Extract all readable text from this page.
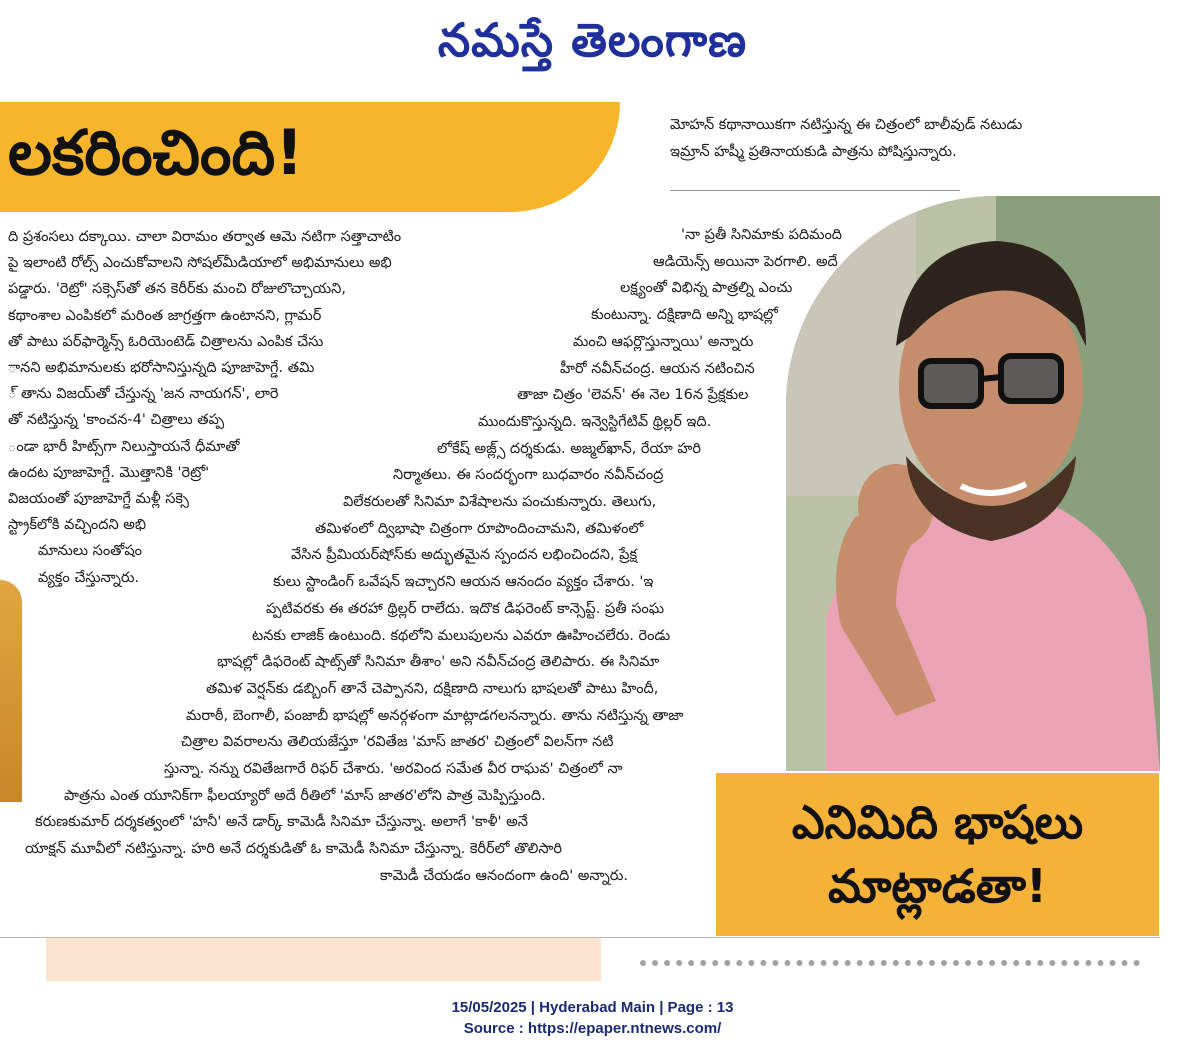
నమస్తే తెలంగాణ
లకరించింది!	మోహన్ కథానాయికగా నటిస్తున్న ఈ చిత్రంలో బాలీవుడ్ నటుడు
ఇమ్రాన్ హష్మీ ప్రతినాయకుడి పాత్రను పోషిస్తున్నారు.
ది ప్రశంసలు దక్కాయి. చాలా విరామం తర్వాత ఆమె నటిగా సత్తాచాటిం
పై ఇలాంటి రోల్స్ ఎంచుకోవాలని సోషల్‌మీడియాలో అభిమానులు అభి
పడ్డారు. 'రెట్రో' సక్సెస్‌తో తన కెరీర్‌కు మంచి రోజులొచ్చాయని,
కథాంశాల ఎంపికలో మరింత జాగ్రత్తగా ఉంటానని, గ్లామర్
తో పాటు పర్‌ఫార్మెన్స్ ఓరియెంటెడ్ చిత్రాలను ఎంపిక చేసు
ానని అభిమానులకు భరోసానిస్తున్నది పూజాహెగ్డే. తమి
్ తాను విజయ్‌తో చేస్తున్న 'జన నాయగన్', లారె
తో నటిస్తున్న 'కాంచన-4' చిత్రాలు తప్ప
ండా భారీ హిట్స్‌గా నిలుస్తాయనే ధీమాతో
ఉందట పూజాహెగ్డే. మొత్తానికి 'రెట్రో'
విజయంతో పూజాహెగ్డే మళ్లీ సక్సె
స్ట్రాక్‌లోకి వచ్చిందని అభి
మానులు సంతోషం
వ్యక్తం చేస్తున్నారు.
'నా ప్రతీ సినిమాకు పదిమంది
ఆడియెన్స్ అయినా పెరగాలి. అదే
లక్ష్యంతో విభిన్న పాత్రల్ని ఎంచు
కుంటున్నా. దక్షిణాది అన్ని భాషల్లో
మంచి ఆఫర్లొస్తున్నాయి' అన్నారు
హీరో నవీన్‌చంద్ర. ఆయన నటించిన
తాజా చిత్రం 'లెవన్' ఈ నెల 16న ప్రేక్షకుల
ముందుకొస్తున్నది. ఇన్వెస్టిగేటివ్ థ్రిల్లర్ ఇది.
లోకేష్ అజ్ల్స్ దర్శకుడు. అజ్మల్‌ఖాన్, రేయా హరి
నిర్మాతలు. ఈ సందర్భంగా బుధవారం నవీన్‌చంద్ర
విలేకరులతో సినిమా విశేషాలను పంచుకున్నారు. తెలుగు,
తమిళంలో ద్విభాషా చిత్రంగా రూపొందించామని, తమిళంలో
వేసిన ప్రీమియర్‌షోస్‌కు అద్భుతమైన స్పందన లభించిందని, ప్రేక్ష
కులు స్టాండింగ్ ఒవేషన్ ఇచ్చారని ఆయన ఆనందం వ్యక్తం చేశారు. 'ఇ
ప్పటివరకు ఈ తరహా థ్రిల్లర్ రాలేదు. ఇదొక డిఫరెంట్ కాన్సెప్ట్. ప్రతీ సంఘ
టనకు లాజిక్ ఉంటుంది. కథలోని మలుపులను ఎవరూ ఊహించలేరు. రెండు
భాషల్లో డిఫరెంట్ షాట్స్‌తో సినిమా తీశాం' అని నవీన్‌చంద్ర తెలిపారు. ఈ సినిమా
తమిళ వెర్షన్‌కు డబ్బింగ్ తానే చెప్పానని, దక్షిణాది నాలుగు భాషలతో పాటు హిందీ,
మరాఠీ, బెంగాలీ, పంజాబీ భాషల్లో అనర్గళంగా మాట్లాడగలనన్నారు. తాను నటిస్తున్న తాజా
చిత్రాల వివరాలను తెలియజేస్తూ 'రవితేజ 'మాస్ జాతర' చిత్రంలో విలన్‌గా నటి
స్తున్నా. నన్ను రవితేజగారే రిఫర్ చేశారు. 'అరవింద సమేత వీర రాఘవ' చిత్రంలో నా
పాత్రను ఎంత యూనిక్‌గా ఫీలయ్యారో అదే రీతిలో 'మాస్ జాతర'లోని పాత్ర మెప్పిస్తుంది.
కరుణకుమార్ దర్శకత్వంలో 'హనీ' అనే డార్క్ కామెడీ సినిమా చేస్తున్నా. అలాగే 'కాళీ' అనే
యాక్షన్ మూవీలో నటిస్తున్నా. హరి అనే దర్శకుడితో ఓ కామెడీ సినిమా చేస్తున్నా. కెరీర్‌లో తొలిసారి
కామెడీ చేయడం ఆనందంగా ఉంది' అన్నారు.
ఎనిమిది భాషలు
మాట్లాడతా!
15/05/2025 | Hyderabad Main | Page : 13
Source : https://epaper.ntnews.com/
